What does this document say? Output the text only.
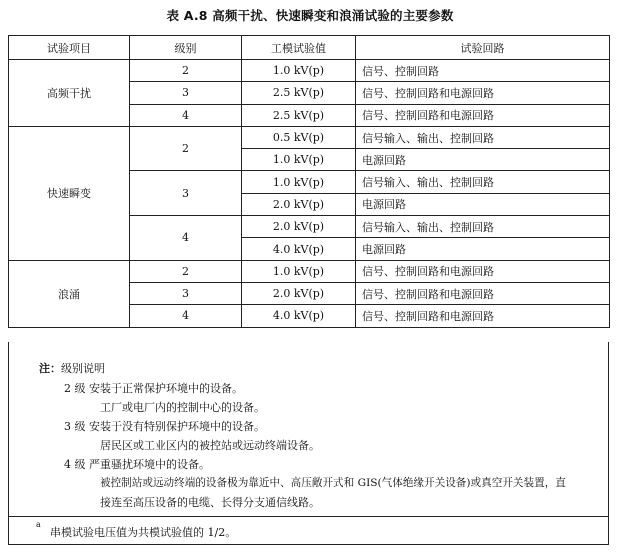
表 A.8 高频干扰、快速瞬变和浪涌试验的主要参数
试验项目	级别	工模试验值	试验回路
高频干扰	2	1.0 kV(p)	信号、控制回路
	3	2.5 kV(p)	信号、控制回路和电源回路
	4	2.5 kV(p)	信号、控制回路和电源回路
快速瞬变	2	0.5 kV(p)	信号输入、输出、控制回路
		1.0 kV(p)	电源回路
	3	1.0 kV(p)	信号输入、输出、控制回路
		2.0 kV(p)	电源回路
	4	2.0 kV(p)	信号输入、输出、控制回路
		4.0 kV(p)	电源回路
浪涌	2	1.0 kV(p)	信号、控制回路和电源回路
	3	2.0 kV(p)	信号、控制回路和电源回路
	4	4.0 kV(p)	信号、控制回路和电源回路
注：级别说明
2 级 安装于正常保护环境中的设备。
工厂或电厂内的控制中心的设备。
3 级 安装于没有特别保护环境中的设备。
居民区或工业区内的被控站或远动终端设备。
4 级 严重骚扰环境中的设备。
被控制站或远动终端的设备极为靠近中、高压敞开式和 GIS(气体绝缘开关设备)或真空开关装置，直
接连至高压设备的电缆、长得分支通信线路。
a
串模试验电压值为共模试验值的 1/2。
